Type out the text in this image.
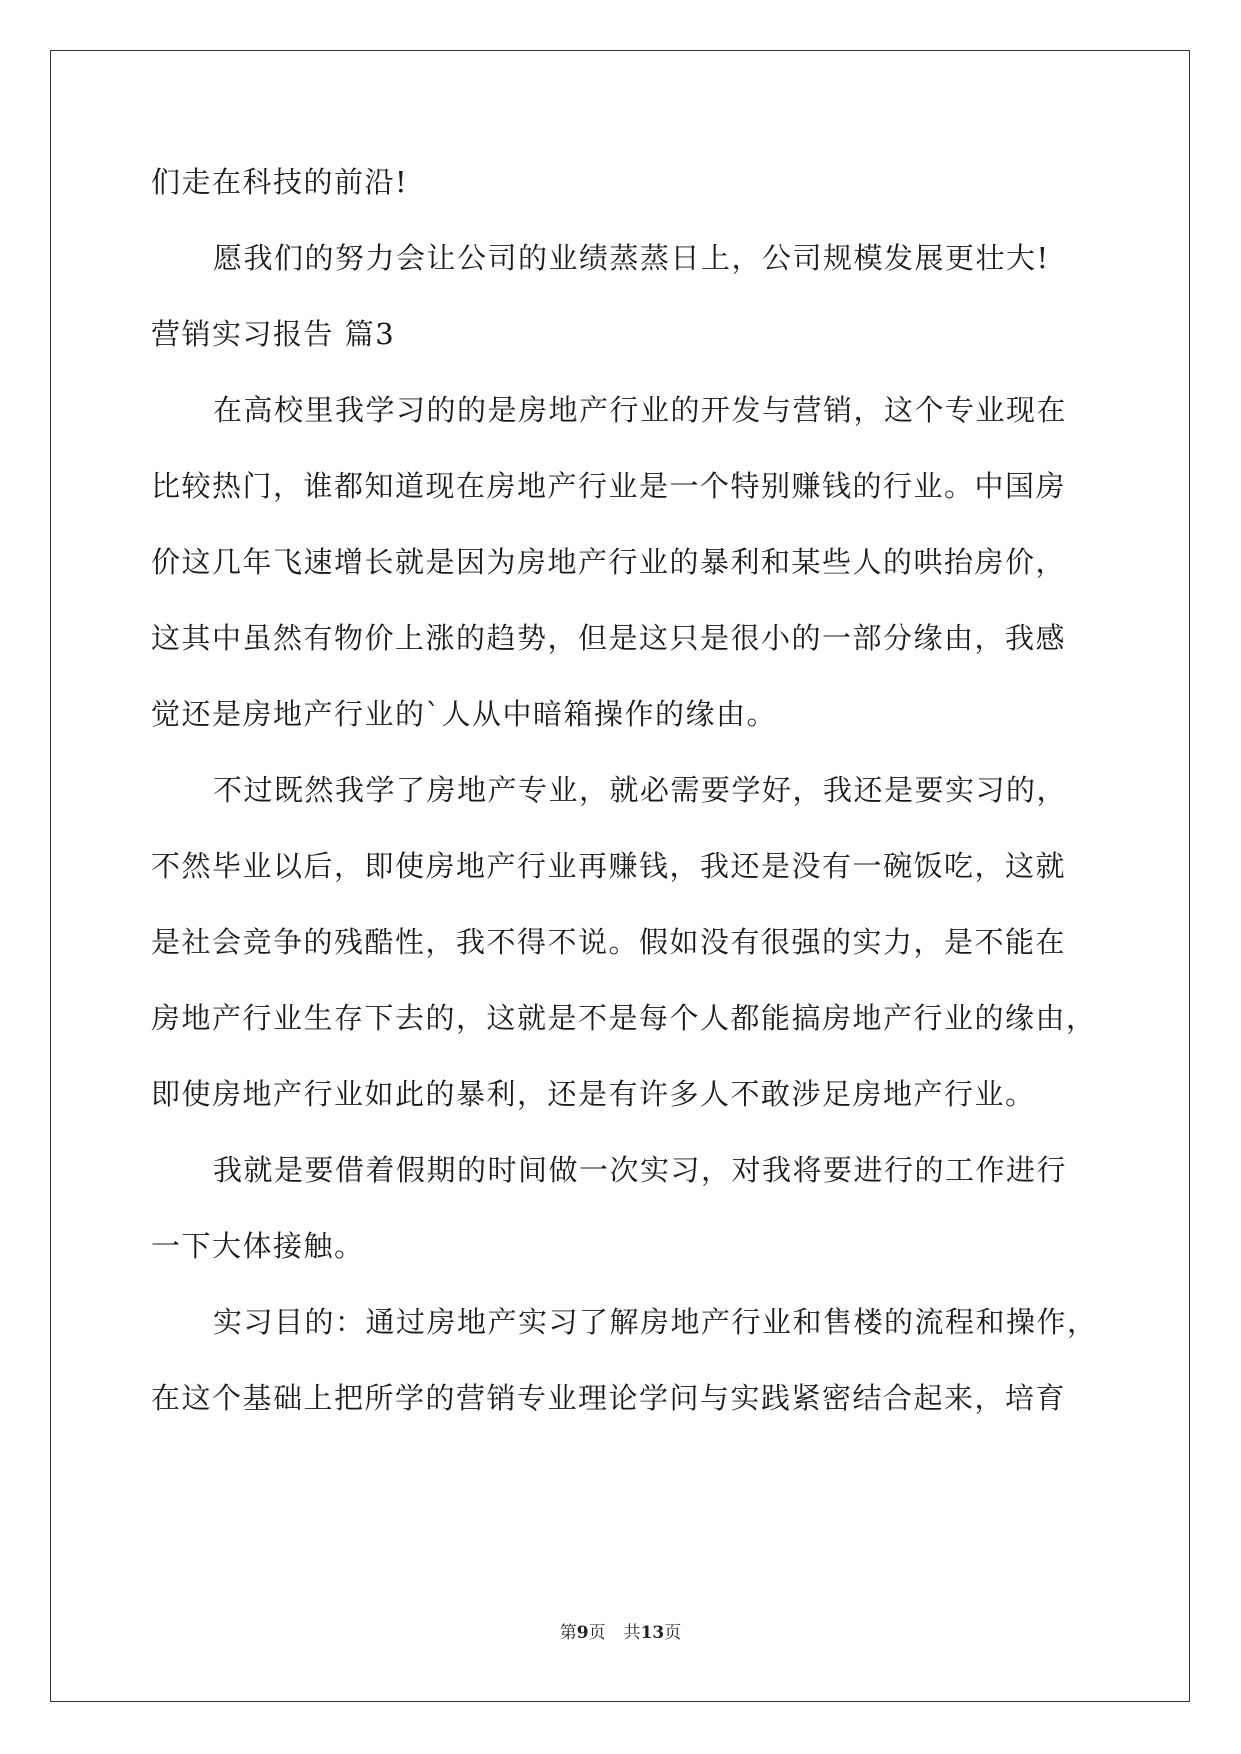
们走在科技的前沿!
愿我们的努力会让公司的业绩蒸蒸日上，公司规模发展更壮大!
营销实习报告 篇3
在高校里我学习的的是房地产行业的开发与营销，这个专业现在
比较热门，谁都知道现在房地产行业是一个特别赚钱的行业。中国房
价这几年飞速增长就是因为房地产行业的暴利和某些人的哄抬房价，
这其中虽然有物价上涨的趋势，但是这只是很小的一部分缘由，我感
觉还是房地产行业的`人从中暗箱操作的缘由。
不过既然我学了房地产专业，就必需要学好，我还是要实习的，
不然毕业以后，即使房地产行业再赚钱，我还是没有一碗饭吃，这就
是社会竞争的残酷性，我不得不说。假如没有很强的实力，是不能在
房地产行业生存下去的，这就是不是每个人都能搞房地产行业的缘由，
即使房地产行业如此的暴利，还是有许多人不敢涉足房地产行业。
我就是要借着假期的时间做一次实习，对我将要进行的工作进行
一下大体接触。
实习目的：通过房地产实习了解房地产行业和售楼的流程和操作，
在这个基础上把所学的营销专业理论学问与实践紧密结合起来，培育
第9页 共13页
